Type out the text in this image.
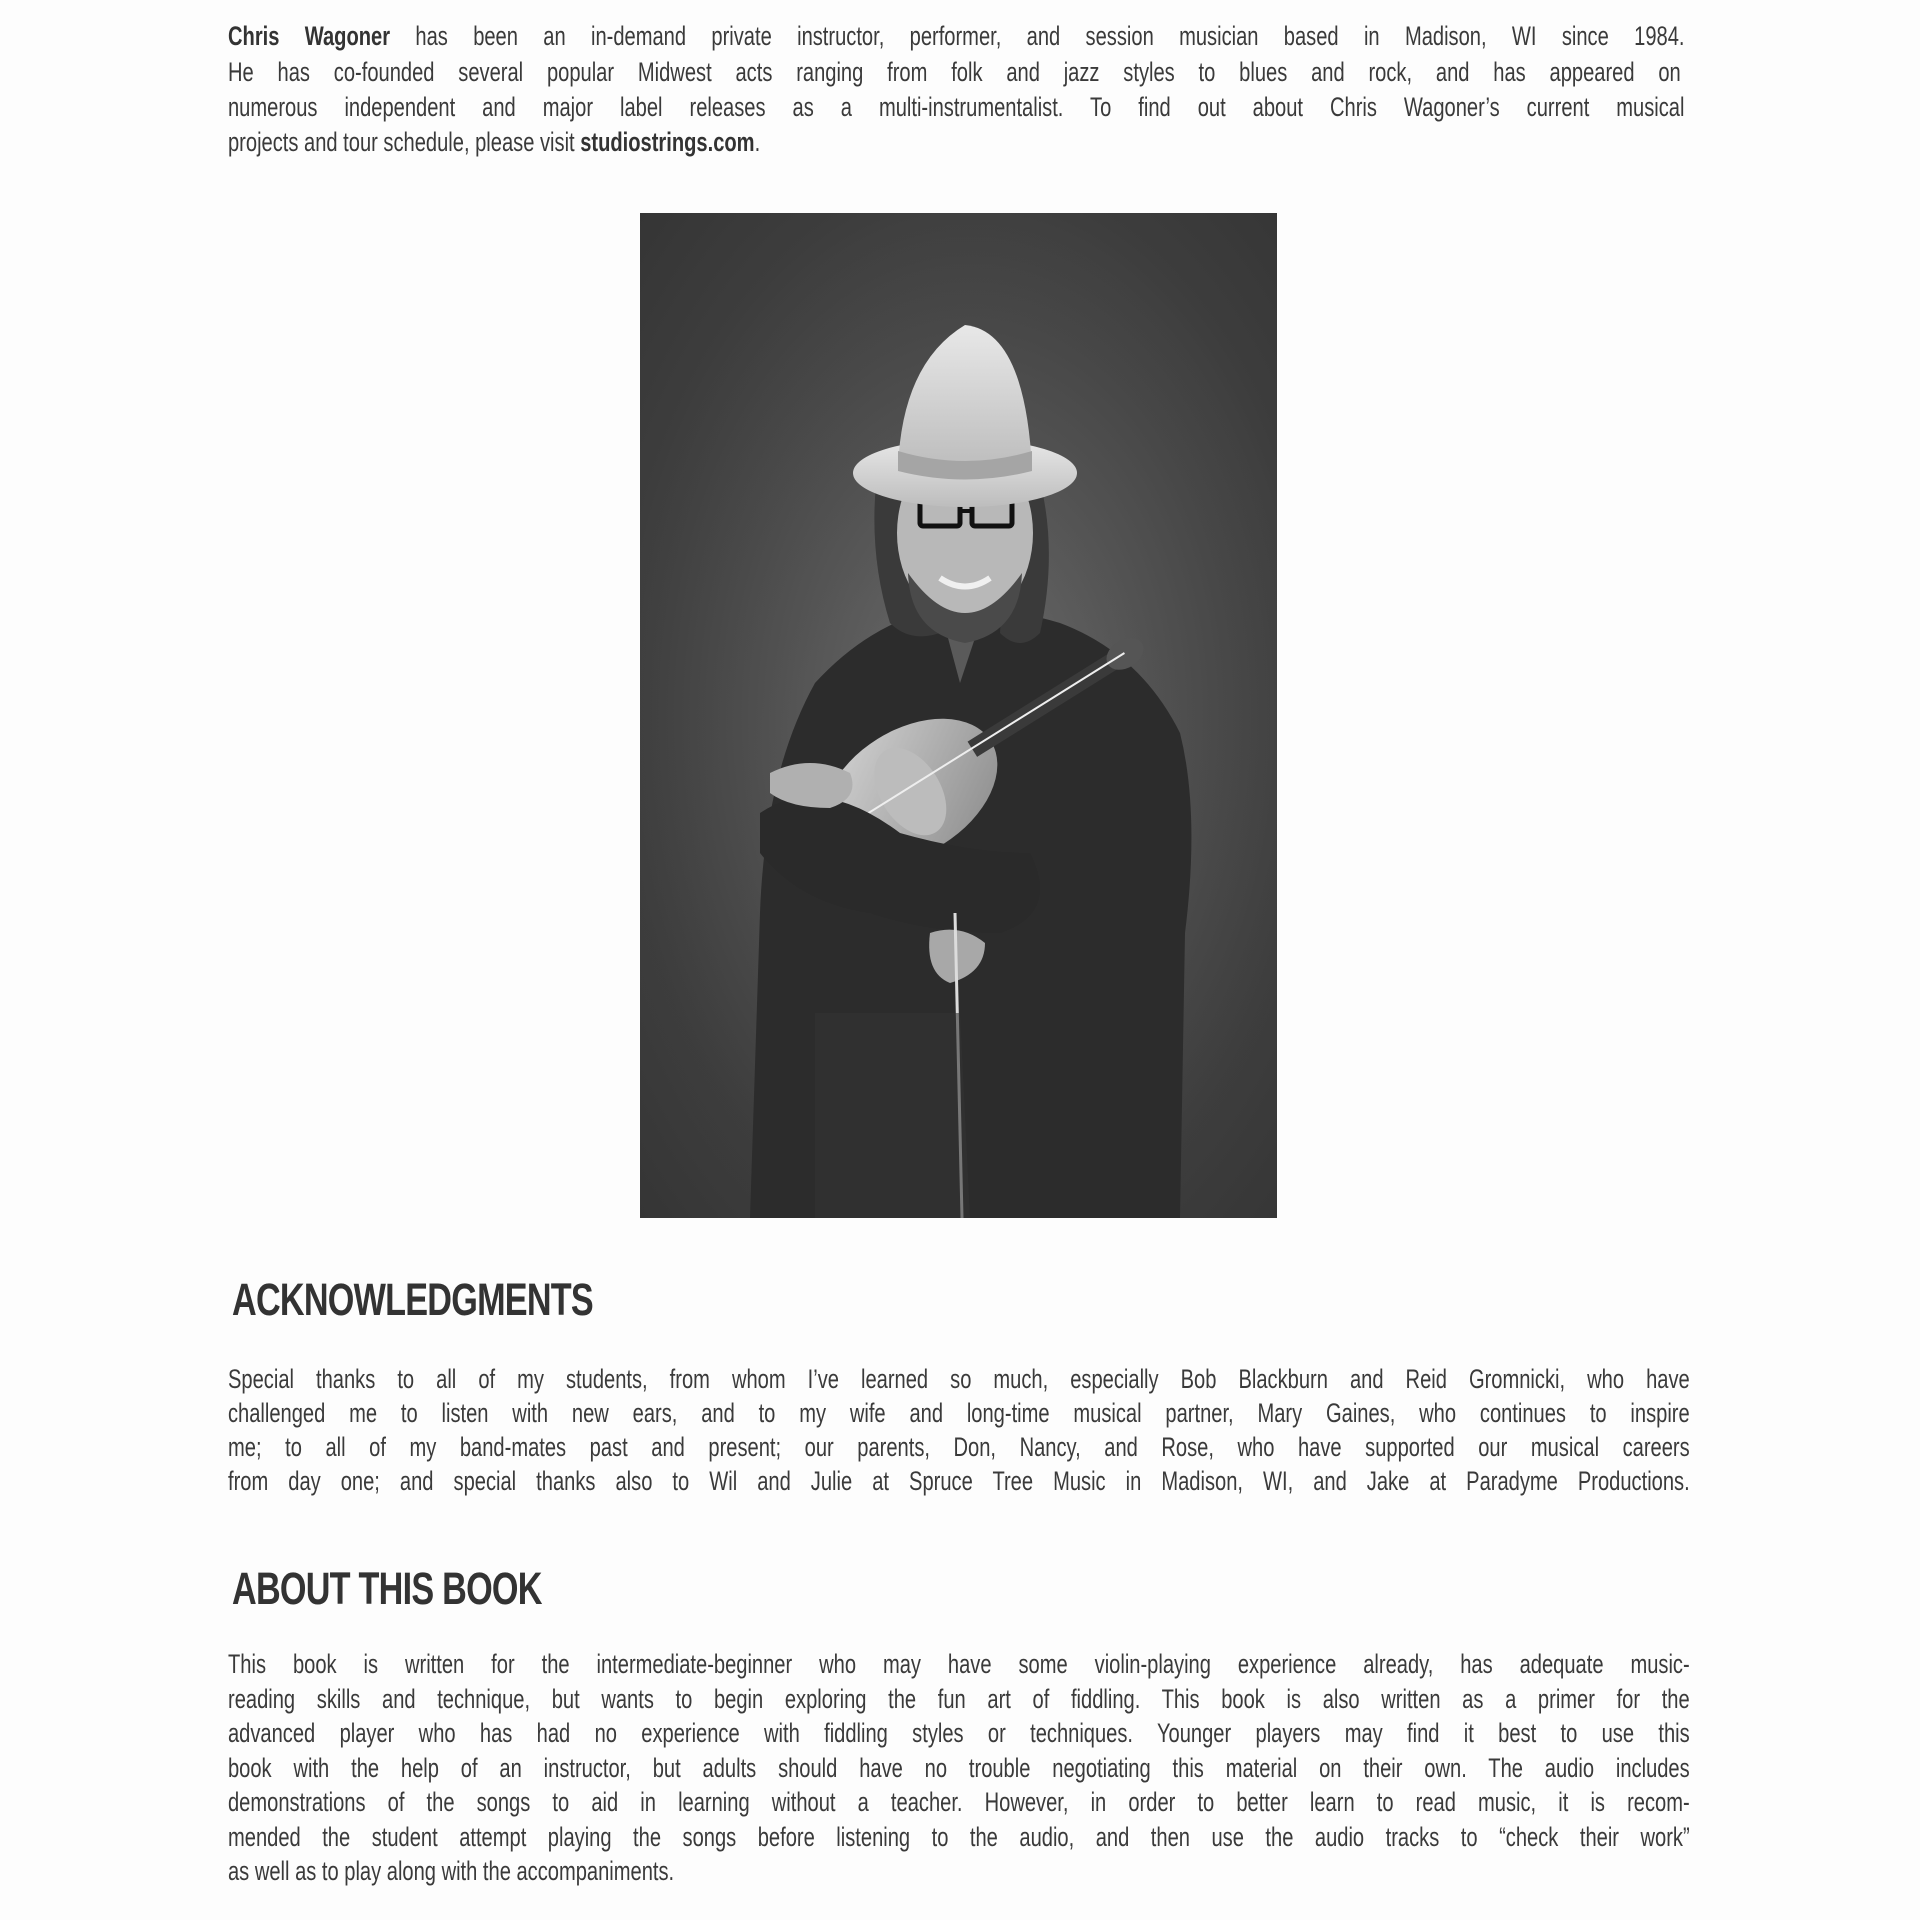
Chris Wagoner has been an in-demand private instructor, performer, and session musician based in Madison, WI since 1984.
He has co-founded several popular Midwest acts ranging from folk and jazz styles to blues and rock, and has appeared on
numerous independent and major label releases as a multi-instrumentalist. To find out about Chris Wagoner’s current musical
projects and tour schedule, please visit studiostrings.com.
ACKNOWLEDGMENTS
Special thanks to all of my students, from whom I’ve learned so much, especially Bob Blackburn and Reid Gromnicki, who have
challenged me to listen with new ears, and to my wife and long-time musical partner, Mary Gaines, who continues to inspire
me; to all of my band-mates past and present; our parents, Don, Nancy, and Rose, who have supported our musical careers
from day one; and special thanks also to Wil and Julie at Spruce Tree Music in Madison, WI, and Jake at Paradyme Productions.
ABOUT THIS BOOK
This book is written for the intermediate-beginner who may have some violin-playing experience already, has adequate music-
reading skills and technique, but wants to begin exploring the fun art of fiddling. This book is also written as a primer for the
advanced player who has had no experience with fiddling styles or techniques. Younger players may find it best to use this
book with the help of an instructor, but adults should have no trouble negotiating this material on their own. The audio includes
demonstrations of the songs to aid in learning without a teacher. However, in order to better learn to read music, it is recom-
mended the student attempt playing the songs before listening to the audio, and then use the audio tracks to “check their work”
as well as to play along with the accompaniments.
